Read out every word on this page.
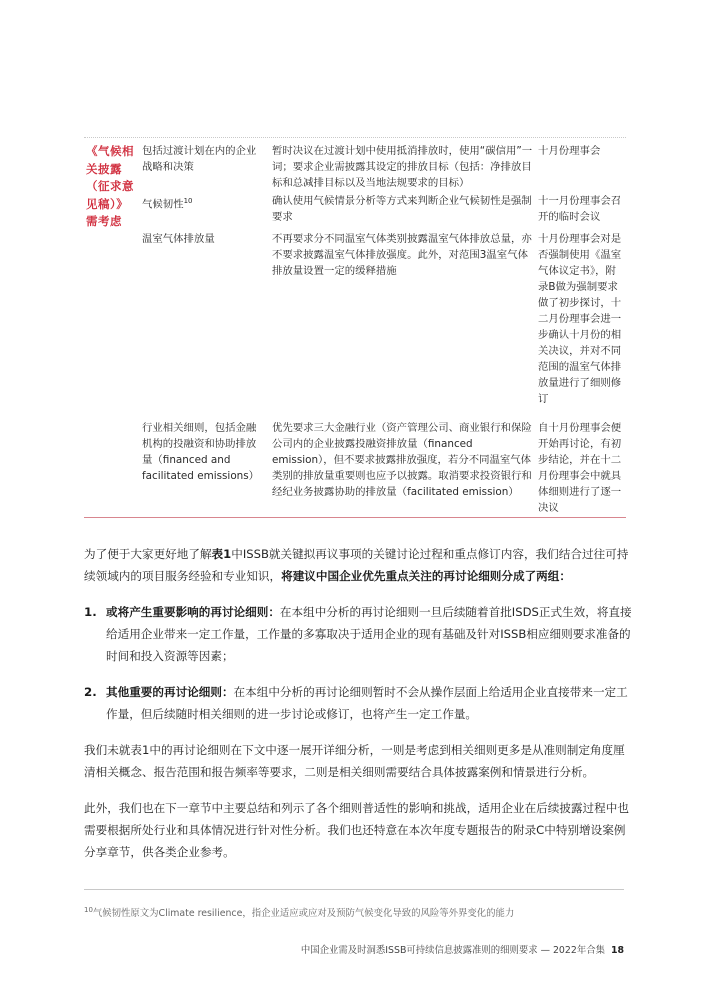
《气候相关披露（征求意见稿）》需考虑
包括过渡计划在内的企业战略和决策
暂时决议在过渡计划中使用抵消排放时，使用“碳信用”一词；要求企业需披露其设定的排放目标（包括：净排放目标和总减排目标以及当地法规要求的目标）
十月份理事会
气候韧性$^{10}$	确认使用气候情景分析等方式来判断企业气候韧性是强制要求
十一月份理事会召开的临时会议
温室气体排放量	不再要求分不同温室气体类别披露温室气体排放总量，亦不要求披露温室气体排放强度。此外，对范围3温室气体排放量设置一定的缓释措施
十月份理事会对是否强制使用《温室气体议定书》，附录B做为强制要求做了初步探讨，十二月份理事会进一步确认十月份的相关决议，并对不同范围的温室气体排放量进行了细则修订
行业相关细则，包括金融机构的投融资和协助排放量（financed and facilitated emissions）
优先要求三大金融行业（资产管理公司、商业银行和保险公司内的企业披露投融资排放量（financed emission），但不要求披露排放强度，若分不同温室气体类别的排放量重要则也应予以披露。取消要求投资银行和经纪业务披露协助的排放量（facilitated emission）
自十月份理事会便开始再讨论，有初步结论，并在十二月份理事会中就具体细则进行了逐一决议
为了便于大家更好地了解表1中ISSB就关键拟再议事项的关键讨论过程和重点修订内容，我们结合过往可持续领域内的项目服务经验和专业知识，将建议中国企业优先重点关注的再讨论细则分成了两组：
1. 或将产生重要影响的再讨论细则：在本组中分析的再讨论细则一旦后续随着首批ISDS正式生效，将直接给适用企业带来一定工作量，工作量的多寡取决于适用企业的现有基础及针对ISSB相应细则要求准备的时间和投入资源等因素；
2. 其他重要的再讨论细则：在本组中分析的再讨论细则暂时不会从操作层面上给适用企业直接带来一定工作量，但后续随时相关细则的进一步讨论或修订，也将产生一定工作量。
我们未就表1中的再讨论细则在下文中逐一展开详细分析，一则是考虑到相关细则更多是从准则制定角度厘清相关概念、报告范围和报告频率等要求，二则是相关细则需要结合具体披露案例和情景进行分析。
此外，我们也在下一章节中主要总结和列示了各个细则普适性的影响和挑战，适用企业在后续披露过程中也需要根据所处行业和具体情况进行针对性分析。我们也还特意在本次年度专题报告的附录C中特别增设案例分享章节，供各类企业参考。
$^{10}$气候韧性原文为Climate resilience，指企业适应或应对及预防气候变化导致的风险等外界变化的能力
中国企业需及时洞悉ISSB可持续信息披露准则的细则要求 — 2022年合集 18
